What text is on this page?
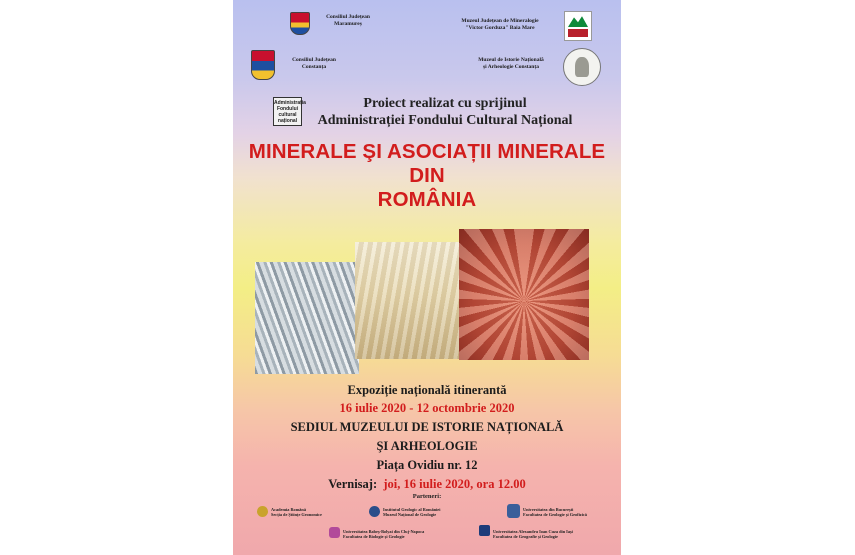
Consiliul Județean
Maramureș	Muzeul Județean de Mineralogie
"Victor Gorduza" Baia Mare
Consiliul Județean
Constanța
Muzeul de Istorie Națională
și Arheologie Constanța
Administrația
Fondului
cultural
național
Proiect realizat cu sprijinul
Administrației Fondului Cultural Național
MINERALE ŞI ASOCIAȚII MINERALE
DIN
ROMÂNIA
Expoziție națională itinerantă
16 iulie 2020 - 12 octombrie 2020
SEDIUL MUZEULUI DE ISTORIE NAȚIONALĂ
ŞI ARHEOLOGIE
Piața Ovidiu nr. 12
Vernisaj: joi, 16 iulie 2020, ora 12.00
Parteneri:
Academia Română
Secția de Științe Geonomice
Institutul Geologic al României
Muzeul Național de Geologie
Universitatea din București
Facultatea de Geologie și Geofizică
Universitatea Babeș-Bolyai din Cluj-Napoca
Facultatea de Biologie și Geologie
Universitatea Alexandru Ioan Cuza din Iași
Facultatea de Geografie și Geologie
